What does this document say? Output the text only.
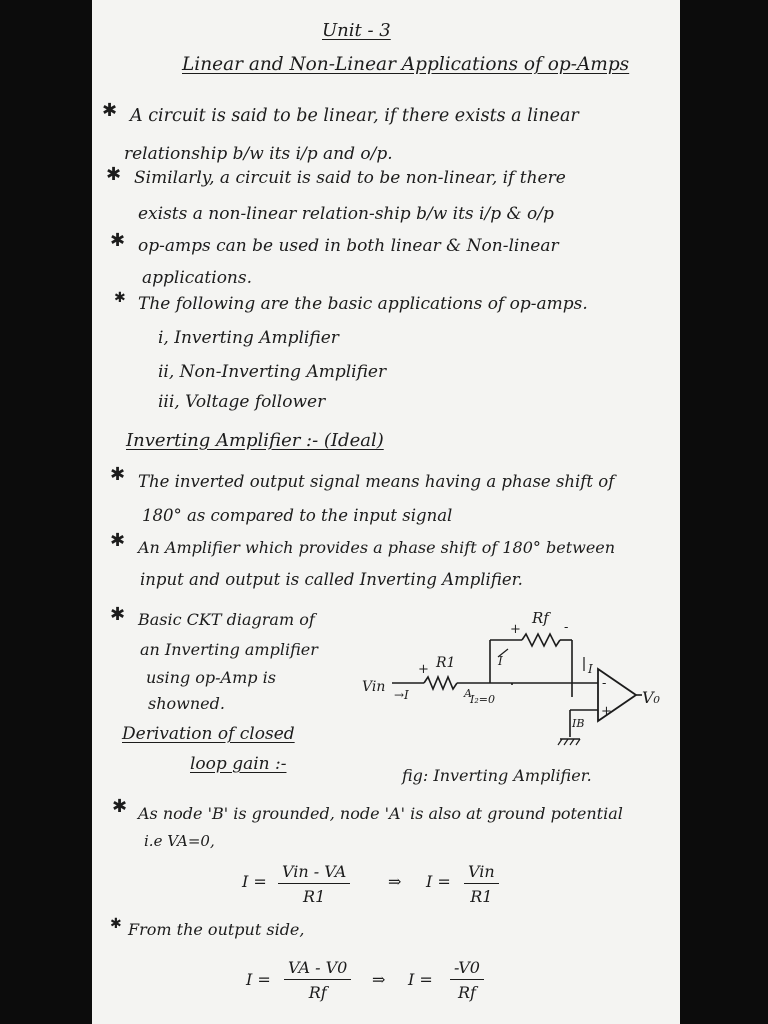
Unit - 3
Linear and Non-Linear Applications of op-Amps
✱ A circuit is said to be linear, if there exists a linear
relationship b/w its i/p and o/p.
✱ Similarly, a circuit is said to be non-linear, if there
exists a non-linear relation-ship b/w its i/p & o/p
✱ op-amps can be used in both linear & Non-linear
applications.
✱ The following are the basic applications of op-amps.
i, Inverting Amplifier
ii, Non-Inverting Amplifier
iii, Voltage follower
Inverting Amplifier :- (Ideal)
✱ The inverted output signal means having a phase shift of
180° as compared to the input signal
✱ An Amplifier which provides a phase shift of 180° between
input and output is called Inverting Amplifier.
✱ Basic CKT diagram of
an Inverting amplifier
using op-Amp is
showned.
Rf
+	-
R1
+
Vin →I
I
I
A
I₂=0
IB
-
+
V₀
fig: Inverting Amplifier.
Derivation of closed
loop gain :-
✱ As node 'B' is grounded, node 'A' is also at ground potential
i.e VA=0,
I =
Vin - VA
R1
⇒ I =
Vin
R1
✱ From the output side,
$I = \frac{VA - V0}{Rf}$ ⇒ $I = \frac{-V0}{Rf}$
